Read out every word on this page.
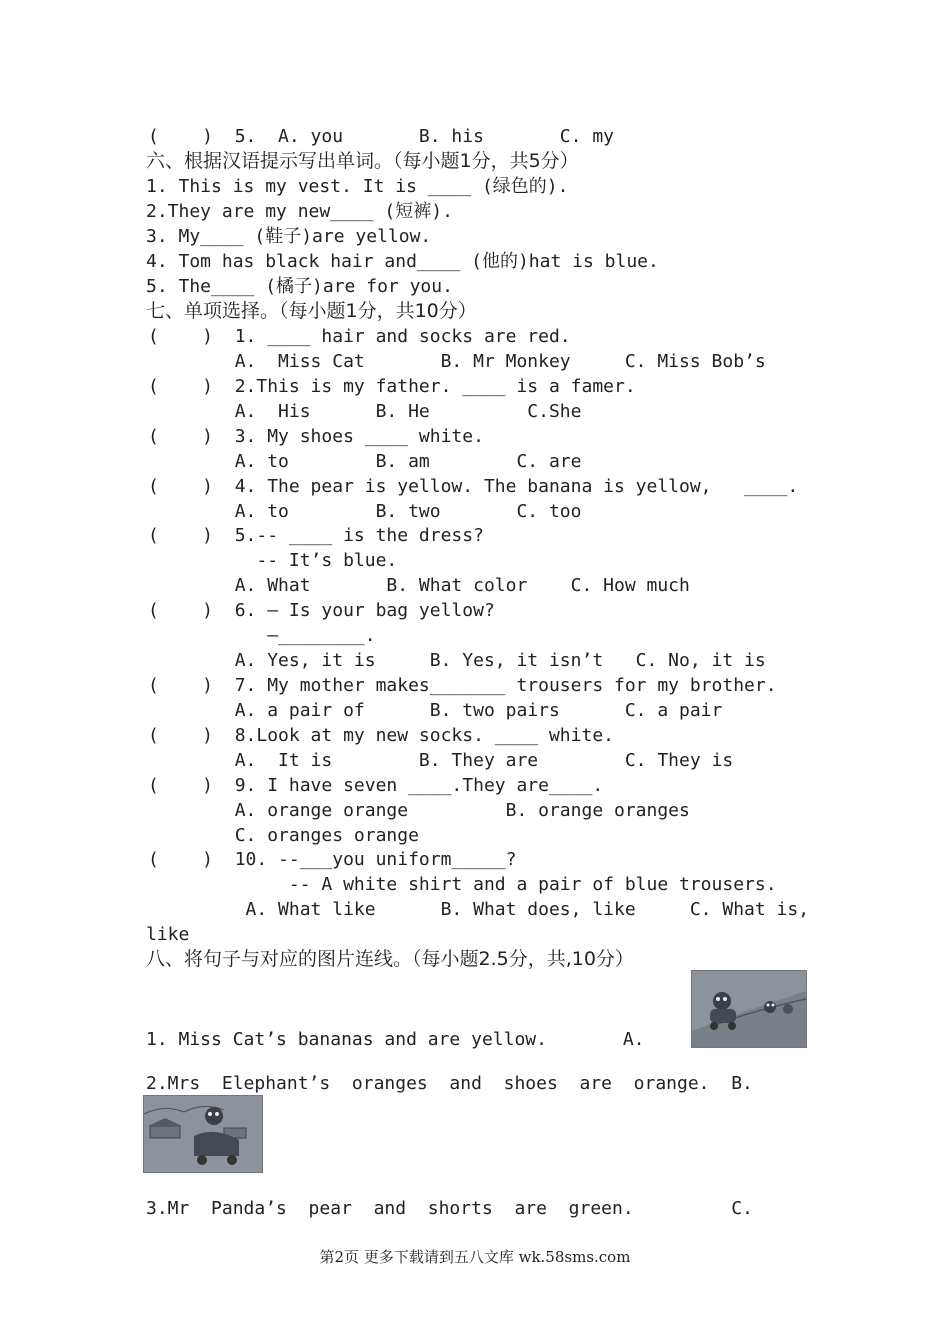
(    )  5.  A. you       B. his       C. my
六、根据汉语提示写出单词。（每小题1分，共5分）
1. This is my vest. It is ____ (绿色的).
2.They are my new____ (短裤).
3. My____ (鞋子)are yellow.
4. Tom has black hair and____ (他的)hat is blue.
5. The____ (橘子)are for you.
七、单项选择。（每小题1分，共10分）
(    )  1. ____ hair and socks are red.
A.  Miss Cat       B. Mr Monkey     C. Miss Bob’s
(    )  2.This is my father. ____ is a famer.
A.  His      B. He         C.She
(    )  3. My shoes ____ white.
A. to        B. am        C. are
(    )  4. The pear is yellow. The banana is yellow,   ____.
A. to        B. two       C. too
(    )  5.-- ____ is the dress?
-- It’s blue.
A. What       B. What color    C. How much
(    )  6. — Is your bag yellow?
—________.
A. Yes, it is     B. Yes, it isn’t   C. No, it is
(    )  7. My mother makes_______ trousers for my brother.
A. a pair of      B. two pairs      C. a pair
(    )  8.Look at my new socks. ____ white.
A.  It is        B. They are        C. They is
(    )  9. I have seven ____.They are____.
A. orange orange         B. orange oranges
C. oranges orange
(    )  10. --___you uniform_____?
-- A white shirt and a pair of blue trousers.
A. What like      B. What does, like     C. What is,
like
八、将句子与对应的图片连线。（每小题2.5分，共,10分）
1. Miss Cat’s bananas and are yellow.       A.
2.Mrs  Elephant’s  oranges  and  shoes  are  orange.  B.
3.Mr  Panda’s  pear  and  shorts  are  green.         C.
第2页 更多下载请到五八文库 wk.58sms.com
